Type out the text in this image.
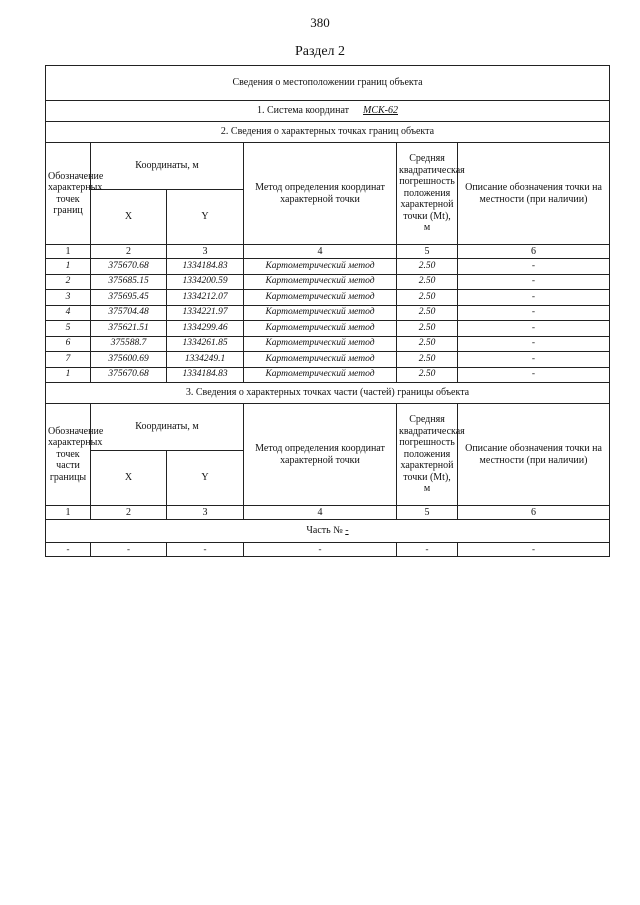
380
Раздел 2
Сведения о местоположении границ объекта					
1. Система координат МСК-62					
2. Сведения о характерных точках границ объекта					
Обозначение характерных точек границ	Координаты, м		Метод определения координат характерной точки	Средняя квадратическая погрешность положения характерной точки (Mt), м	Описание обозначения точки на местности (при наличии)
	X	Y			
1	2	3	4	5	6
1	375670.68	1334184.83	Картометрический метод	2.50	-
2	375685.15	1334200.59	Картометрический метод	2.50	-
3	375695.45	1334212.07	Картометрический метод	2.50	-
4	375704.48	1334221.97	Картометрический метод	2.50	-
5	375621.51	1334299.46	Картометрический метод	2.50	-
6	375588.7	1334261.85	Картометрический метод	2.50	-
7	375600.69	1334249.1	Картометрический метод	2.50	-
1	375670.68	1334184.83	Картометрический метод	2.50	-
3. Сведения о характерных точках части (частей) границы объекта					
Обозначение характерных точек части границы	Координаты, м		Метод определения координат характерной точки	Средняя квадратическая погрешность положения характерной точки (Mt), м	Описание обозначения точки на местности (при наличии)
	X	Y			
1	2	3	4	5	6
Часть № -					
-	-	-	-	-	-
